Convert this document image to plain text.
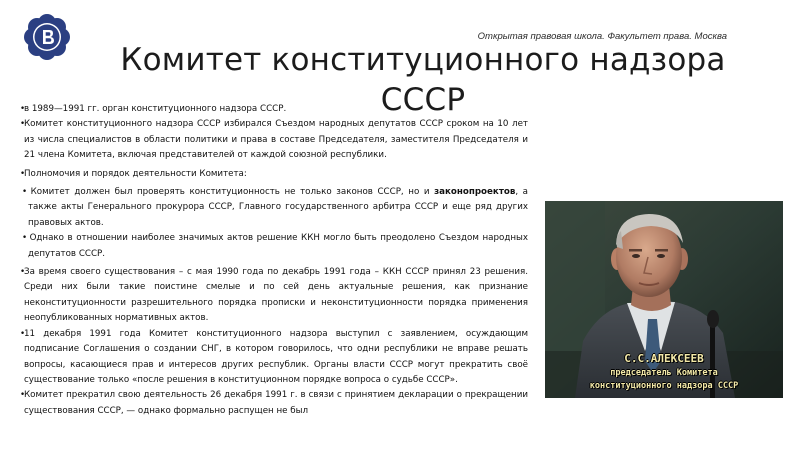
Открытая правовая школа. Факультет права. Москва
Комитет конституционного надзора
СССР

•в 1989—1991 гг. орган конституционного надзора СССР.

•Комитет конституционного надзора СССР избирался Съездом народных депутатов СССР сроком на 10 лет из числа специалистов в области политики и права в составе Председателя, заместителя Председателя и 21 члена Комитета, включая представителей от каждой союзной республики.

•Полномочия и порядок деятельности Комитета:

• Комитет должен был проверять конституционность не только законов СССР, но и законопроектов, а также акты Генерального прокурора СССР, Главного государственного арбитра СССР и еще ряд других правовых актов.

• Однако в отношении наиболее значимых актов решение ККН могло быть преодолено Съездом народных депутатов СССР.

•За время своего существования – с мая 1990 года по декабрь 1991 года – ККН СССР принял 23 решения. Среди них были такие поистине смелые и по сей день актуальные решения, как признание неконституционности разрешительного порядка прописки и неконституционности порядка применения неопубликованных нормативных актов.

•11 декабря 1991 года Комитет конституционного надзора выступил с заявлением, осуждающим подписание Соглашения о создании СНГ, в котором говорилось, что одни республики не вправе решать вопросы, касающиеся прав и интересов других республик. Органы власти СССР могут прекратить своё существование только «после решения в конституционном порядке вопроса о судьбе СССР».

•Комитет прекратил свою деятельность 26 декабря 1991 г. в связи с принятием декларации о прекращении существования СССР, — однако формально распущен не был

С.С.АЛЕКСЕЕВ
председатель Комитета
конституционного надзора СССР
